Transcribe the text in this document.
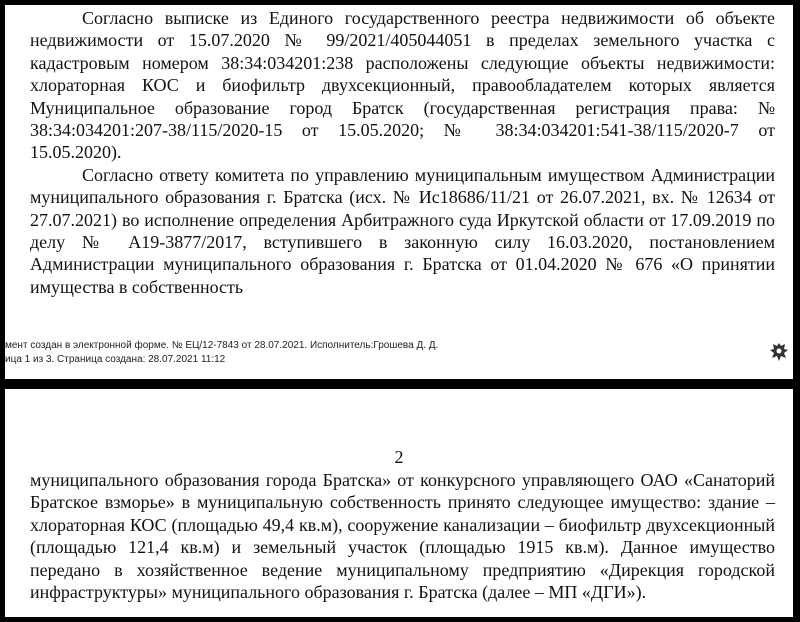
Согласно выписке из Единого государственного реестра недвижимости об объекте недвижимости от 15.07.2020 № 99/2021/405044051 в пределах земельного участка с кадастровым номером 38:34:034201:238 расположены следующие объекты недвижимости: хлораторная КОС и биофильтр двухсекционный, правообладателем которых является Муниципальное образование город Братск (государственная регистрация права: № 38:34:034201:207-38/115/2020-15 от 15.05.2020; № 38:34:034201:541-38/115/2020-7 от 15.05.2020).

Согласно ответу комитета по управлению муниципальным имуществом Администрации муниципального образования г. Братска (исх. № Ис18686/11/21 от 26.07.2021, вх. № 12634 от 27.07.2021) во исполнение определения Арбитражного суда Иркутской области от 17.09.2019 по делу № А19-3877/2017, вступившего в законную силу 16.03.2020, постановлением Администрации муниципального образования г. Братска от 01.04.2020 № 676 «О принятии имущества в собственность

мент создан в электронной форме. № ЕЦ/12-7843 от 28.07.2021. Исполнитель:Грошева Д. Д.
ица 1 из 3. Страница создана: 28.07.2021 11:12
2

муниципального образования города Братска» от конкурсного управляющего ОАО «Санаторий Братское взморье» в муниципальную собственность принято следующее имущество: здание – хлораторная КОС (площадью 49,4 кв.м), сооружение канализации – биофильтр двухсекционный (площадью 121,4 кв.м) и земельный участок (площадью 1915 кв.м). Данное имущество передано в хозяйственное ведение муниципальному предприятию «Дирекция городской инфраструктуры» муниципального образования г. Братска (далее – МП «ДГИ»).
